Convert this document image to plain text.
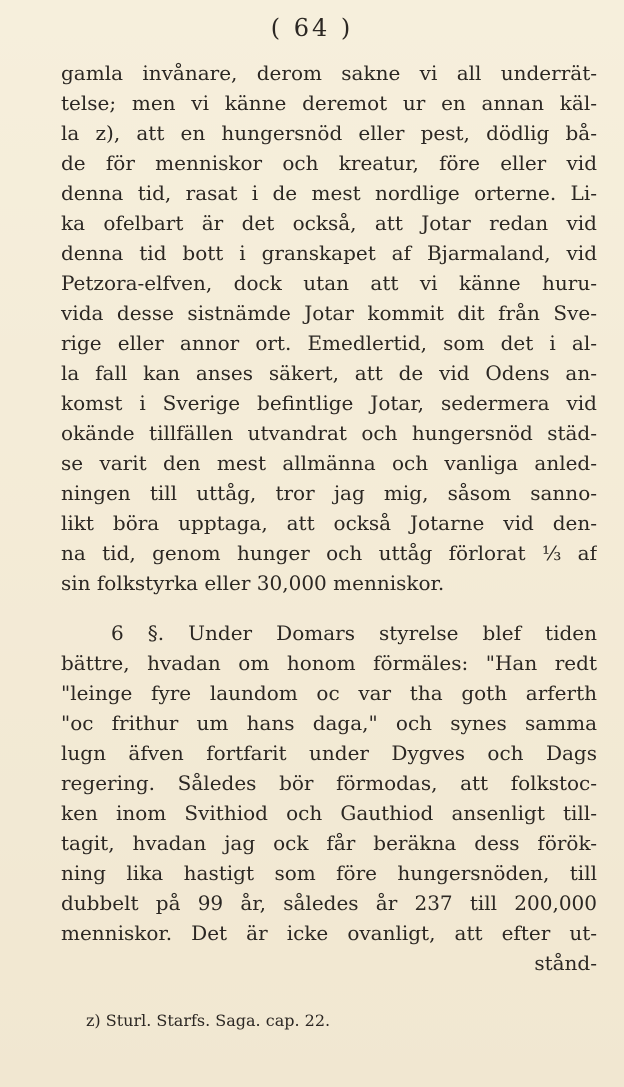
( 64 )
gamla invånare, derom sakne vi all underrät-
telse; men vi känne deremot ur en annan käl-
la z), att en hungersnöd eller pest, dödlig bå-
de för menniskor och kreatur, före eller vid
denna tid, rasat i de mest nordlige orterne. Li-
ka ofelbart är det också, att Jotar redan vid
denna tid bott i granskapet af Bjarmaland, vid
Petzora-elfven, dock utan att vi känne huru-
vida desse sistnämde Jotar kommit dit från Sve-
rige eller annor ort. Emedlertid, som det i al-
la fall kan anses säkert, att de vid Odens an-
komst i Sverige befintlige Jotar, sedermera vid
okände tillfällen utvandrat och hungersnöd städ-
se varit den mest allmänna och vanliga anled-
ningen till uttåg, tror jag mig, såsom sanno-
likt böra upptaga, att också Jotarne vid den-
na tid, genom hunger och uttåg förlorat ⅓ af
sin folkstyrka eller 30,000 menniskor.
6 §. Under Domars styrelse blef tiden
bättre, hvadan om honom förmäles: "Han redt
"leinge fyre laundom oc var tha goth arferth
"oc frithur um hans daga," och synes samma
lugn äfven fortfarit under Dygves och Dags
regering. Således bör förmodas, att folkstoc-
ken inom Svithiod och Gauthiod ansenligt till-
tagit, hvadan jag ock får beräkna dess förök-
ning lika hastigt som före hungersnöden, till
dubbelt på 99 år, således år 237 till 200,000
menniskor. Det är icke ovanligt, att efter ut-
stånd-
z) Sturl. Starfs. Saga. cap. 22.
